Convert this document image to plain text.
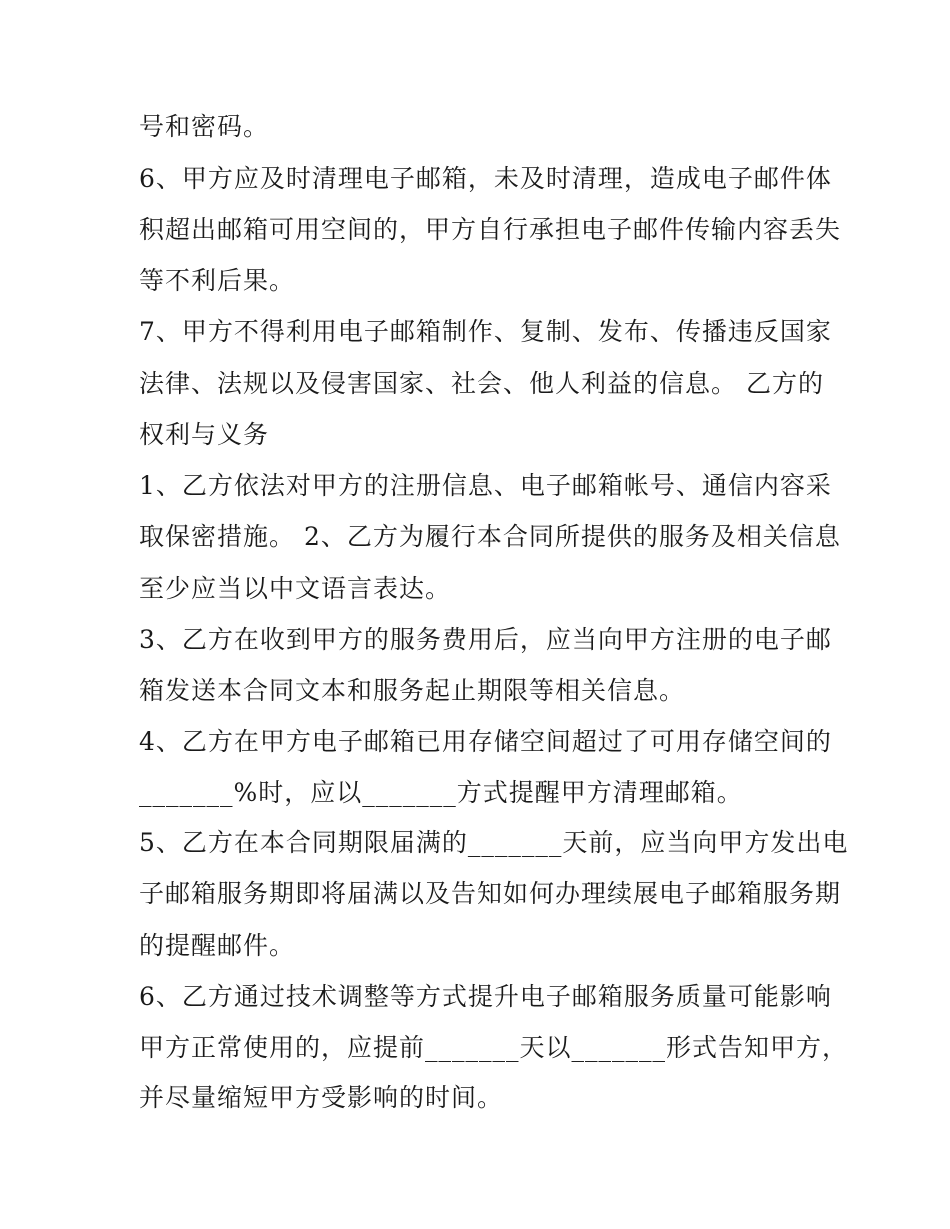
号和密码。
6、甲方应及时清理电子邮箱，未及时清理，造成电子邮件体
积超出邮箱可用空间的，甲方自行承担电子邮件传输内容丢失
等不利后果。
7、甲方不得利用电子邮箱制作、复制、发布、传播违反国家
法律、法规以及侵害国家、社会、他人利益的信息。 乙方的
权利与义务
1、乙方依法对甲方的注册信息、电子邮箱帐号、通信内容采
取保密措施。 2、乙方为履行本合同所提供的服务及相关信息
至少应当以中文语言表达。
3、乙方在收到甲方的服务费用后，应当向甲方注册的电子邮
箱发送本合同文本和服务起止期限等相关信息。
4、乙方在甲方电子邮箱已用存储空间超过了可用存储空间的
_______%时，应以_______方式提醒甲方清理邮箱。
5、乙方在本合同期限届满的_______天前，应当向甲方发出电
子邮箱服务期即将届满以及告知如何办理续展电子邮箱服务期
的提醒邮件。
6、乙方通过技术调整等方式提升电子邮箱服务质量可能影响
甲方正常使用的，应提前_______天以_______形式告知甲方，
并尽量缩短甲方受影响的时间。
